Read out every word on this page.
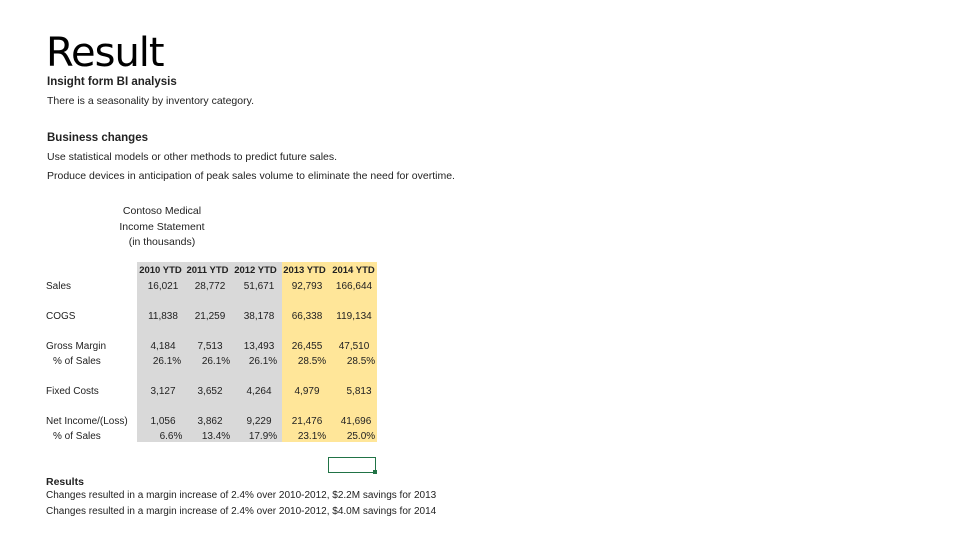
Result
Insight form BI analysis
There is a seasonality by inventory category.
Business changes
Use statistical models or other methods to predict future sales.
Produce devices in anticipation of peak sales volume to eliminate the need for overtime.
Contoso Medical
Income Statement
(in thousands)
2010 YTD 2011 YTD 2012 YTD 2013 YTD 2014 YTD
Sales	16,021	28,772	51,671	92,793	166,644
COGS	11,838	21,259	38,178	66,338	119,134
Gross Margin	4,184	7,513	13,493	26,455	47,510
% of Sales	26.1%	26.1%	26.1%	28.5%	28.5%
Fixed Costs	3,127	3,652	4,264	4,979	5,813
Net Income/(Loss)	1,056	3,862	9,229	21,476	41,696
% of Sales	6.6%	13.4%	17.9%	23.1%	25.0%
Results
Changes resulted in a margin increase of 2.4% over 2010-2012, $2.2M savings for 2013
Changes resulted in a margin increase of 2.4% over 2010-2012, $4.0M savings for 2014
